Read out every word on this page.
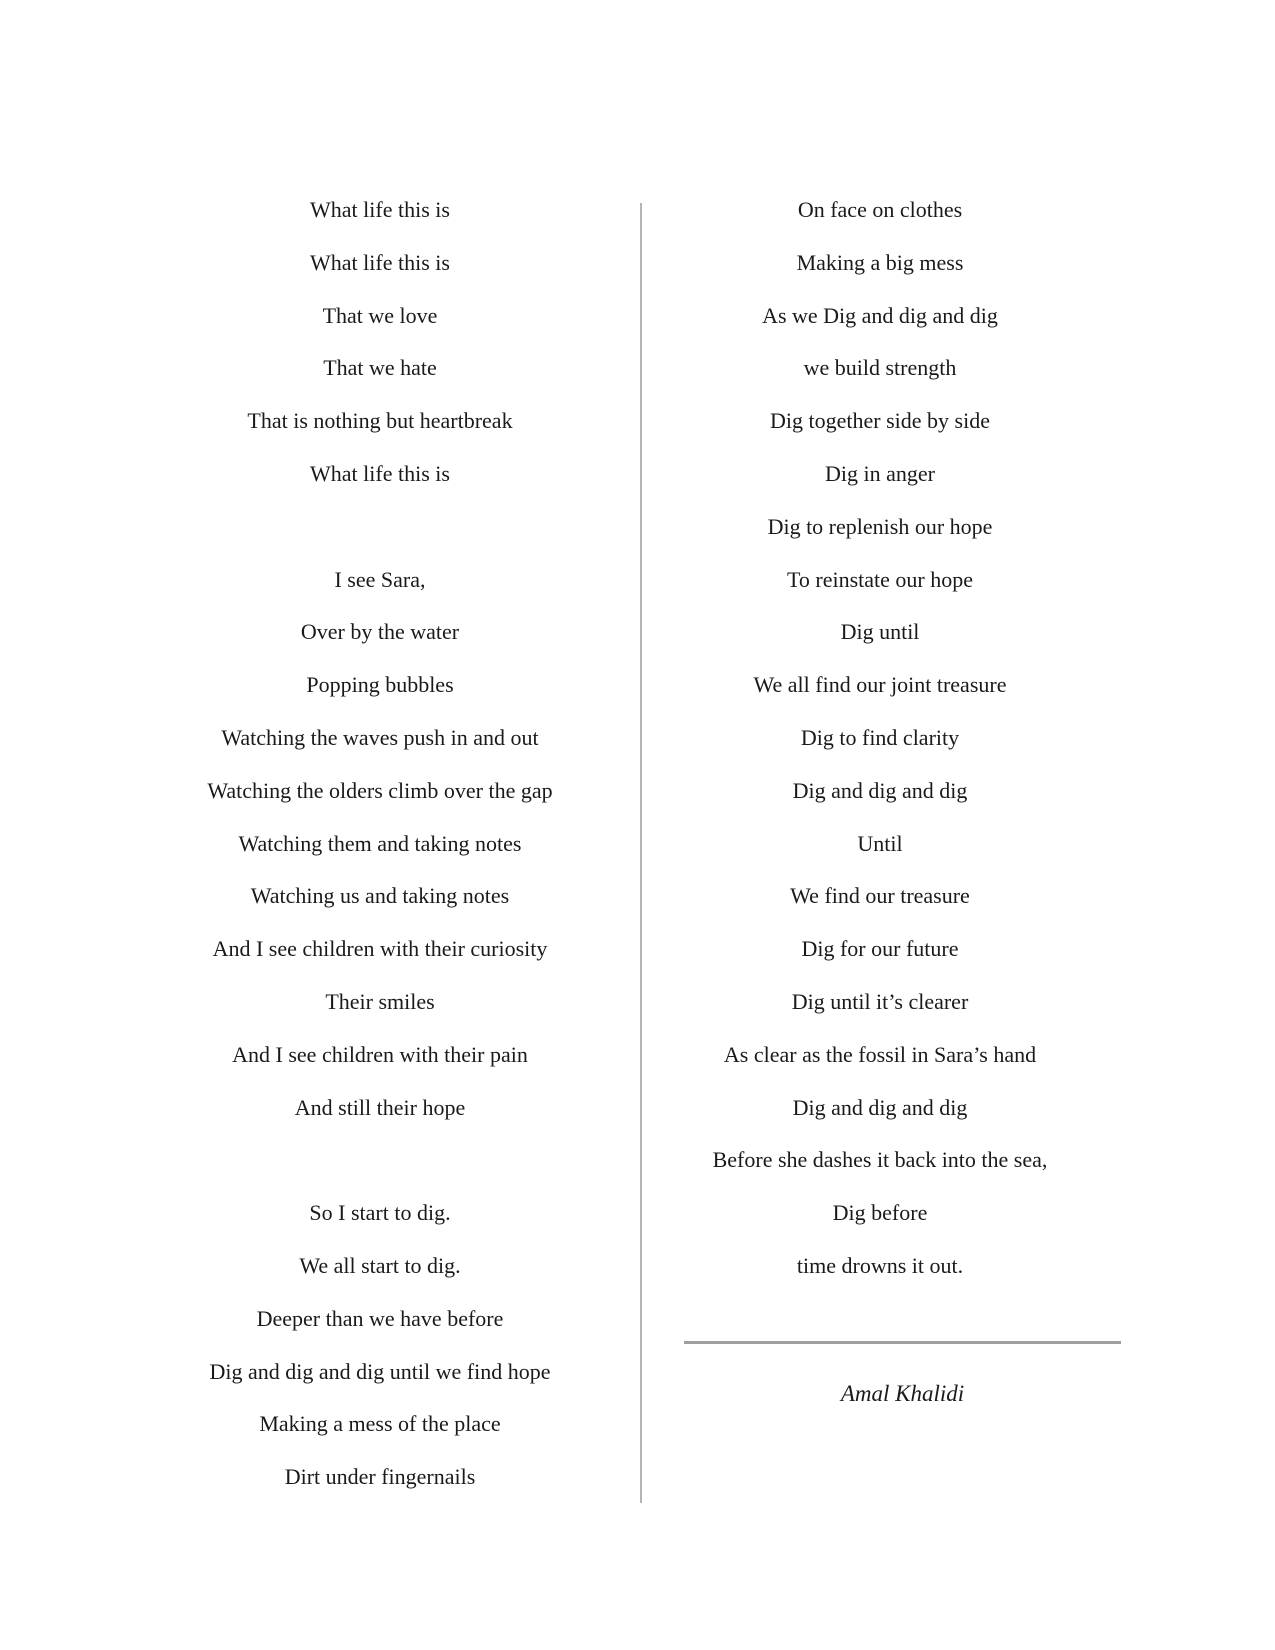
What life this is
What life this is
That we love
That we hate
That is nothing but heartbreak
What life this is
I see Sara,
Over by the water
Popping bubbles
Watching the waves push in and out
Watching the olders climb over the gap
Watching them and taking notes
Watching us and taking notes
And I see children with their curiosity
Their smiles
And I see children with their pain
And still their hope
So I start to dig.
We all start to dig.
Deeper than we have before
Dig and dig and dig until we find hope
Making a mess of the place
Dirt under fingernails
On face on clothes
Making a big mess
As we Dig and dig and dig
we build strength
Dig together side by side
Dig in anger
Dig to replenish our hope
To reinstate our hope
Dig until
We all find our joint treasure
Dig to find clarity
Dig and dig and dig
Until
We find our treasure
Dig for our future
Dig until it’s clearer
As clear as the fossil in Sara’s hand
Dig and dig and dig
Before she dashes it back into the sea,
Dig before
time drowns it out.
Amal Khalidi
